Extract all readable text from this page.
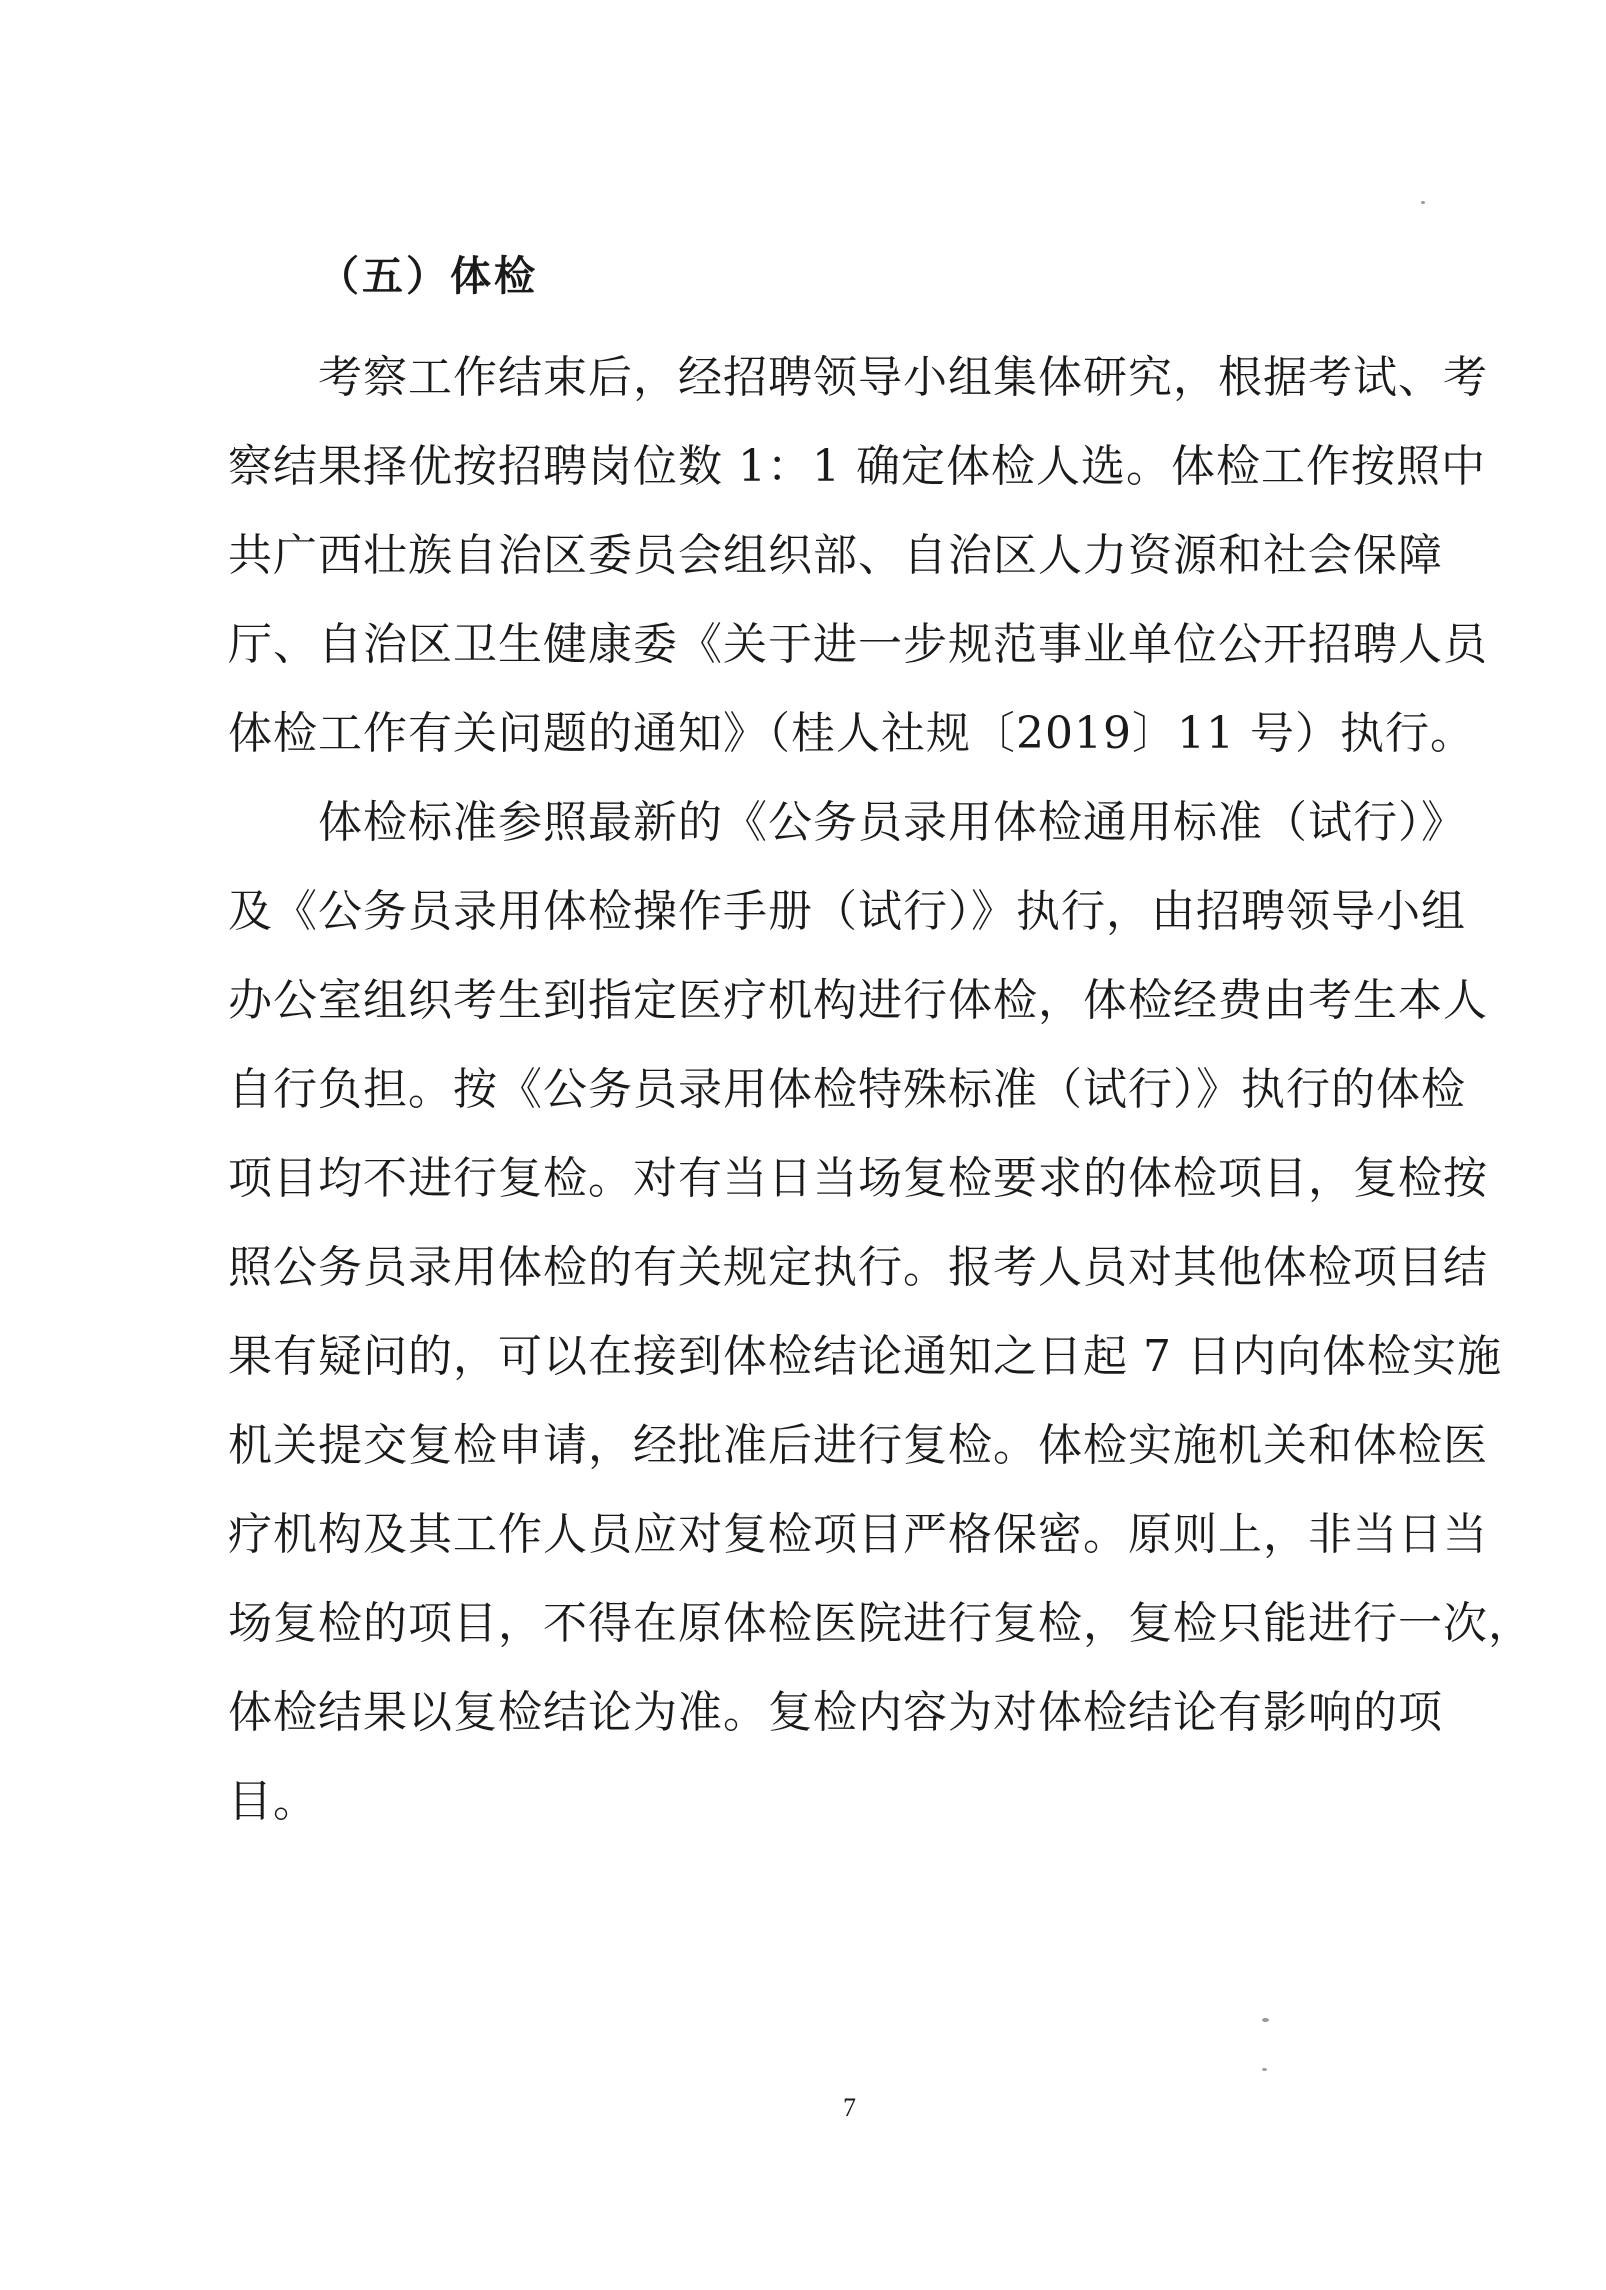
（五）体检
考察工作结束后，经招聘领导小组集体研究，根据考试、考
察结果择优按招聘岗位数 1：1 确定体检人选。体检工作按照中
共广西壮族自治区委员会组织部、自治区人力资源和社会保障
厅、自治区卫生健康委《关于进一步规范事业单位公开招聘人员
体检工作有关问题的通知》（桂人社规〔2019〕11 号）执行。
体检标准参照最新的《公务员录用体检通用标准（试行）》
及《公务员录用体检操作手册（试行）》执行，由招聘领导小组
办公室组织考生到指定医疗机构进行体检，体检经费由考生本人
自行负担。按《公务员录用体检特殊标准（试行）》执行的体检
项目均不进行复检。对有当日当场复检要求的体检项目，复检按
照公务员录用体检的有关规定执行。报考人员对其他体检项目结
果有疑问的，可以在接到体检结论通知之日起 7 日内向体检实施
机关提交复检申请，经批准后进行复检。体检实施机关和体检医
疗机构及其工作人员应对复检项目严格保密。原则上，非当日当
场复检的项目，不得在原体检医院进行复检，复检只能进行一次，
体检结果以复检结论为准。复检内容为对体检结论有影响的项
目。
7
